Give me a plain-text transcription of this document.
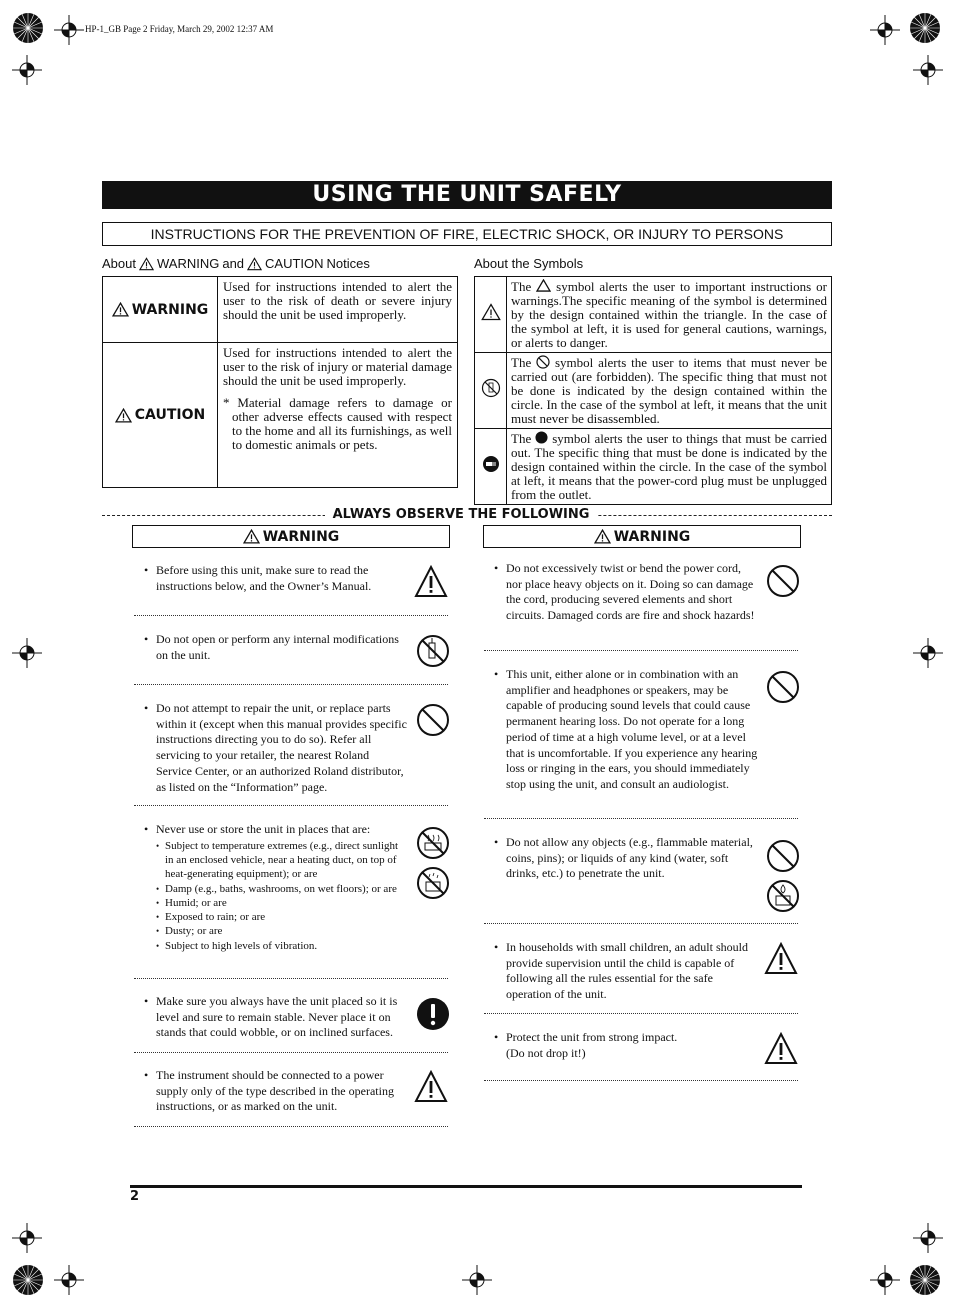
HP-1_GB Page 2 Friday, March 29, 2002 12:37 AM
USING THE UNIT SAFELY
INSTRUCTIONS FOR THE PREVENTION OF FIRE, ELECTRIC SHOCK, OR INJURY TO PERSONS
About WARNING and CAUTION Notices
WARNING	Used for instructions intended to alert the user to the risk of death or severe injury should the unit be used improperly.

CAUTION	Used for instructions intended to alert the user to the risk of injury or material damage should the unit be used improperly.

* Material damage refers to damage or other adverse effects caused with respect to the home and all its furnishings, as well to domestic animals or pets.

About the Symbols
	The symbol alerts the user to important instructions or warnings.The specific meaning of the symbol is determined by the design contained within the triangle. In the case of the symbol at left, it is used for general cautions, warnings, or alerts to danger.
	The symbol alerts the user to items that must never be carried out (are forbidden). The specific thing that must not be done is indicated by the design contained within the circle. In the case of the symbol at left, it means that the unit must never be disassembled.
	The symbol alerts the user to things that must be carried out. The specific thing that must be done is indicated by the design contained within the circle. In the case of the symbol at left, it means that the power-cord plug must be unplugged from the outlet.
ALWAYS OBSERVE THE FOLLOWING
WARNING	WARNING
• Before using this unit, make sure to read the instructions below, and the Owner’s Manual.
• Do not open or perform any internal modifications on the unit.
• Do not attempt to repair the unit, or replace parts within it (except when this manual provides specific instructions directing you to do so). Refer all servicing to your retailer, the nearest Roland Service Center, or an authorized Roland distributor, as listed on the “Information” page.
• Never use or store the unit in places that are:
• Subject to temperature extremes (e.g., direct sunlight in an enclosed vehicle, near a heating duct, on top of heat-generating equipment); or are
• Damp (e.g., baths, washrooms, on wet floors); or are
• Humid; or are
• Exposed to rain; or are
• Dusty; or are
• Subject to high levels of vibration.
• Make sure you always have the unit placed so it is level and sure to remain stable. Never place it on stands that could wobble, or on inclined surfaces.
• The instrument should be connected to a power supply only of the type described in the operating instructions, or as marked on the unit.
• Do not excessively twist or bend the power cord, nor place heavy objects on it. Doing so can damage the cord, producing severed elements and short circuits. Damaged cords are fire and shock hazards!
• This unit, either alone or in combination with an amplifier and headphones or speakers, may be capable of producing sound levels that could cause permanent hearing loss. Do not operate for a long period of time at a high volume level, or at a level that is uncomfortable. If you experience any hearing loss or ringing in the ears, you should immediately stop using the unit, and consult an audiologist.
• Do not allow any objects (e.g., flammable material, coins, pins); or liquids of any kind (water, soft drinks, etc.) to penetrate the unit.
• In households with small children, an adult should provide supervision until the child is capable of following all the rules essential for the safe operation of the unit.
• Protect the unit from strong impact.
(Do not drop it!)
2
